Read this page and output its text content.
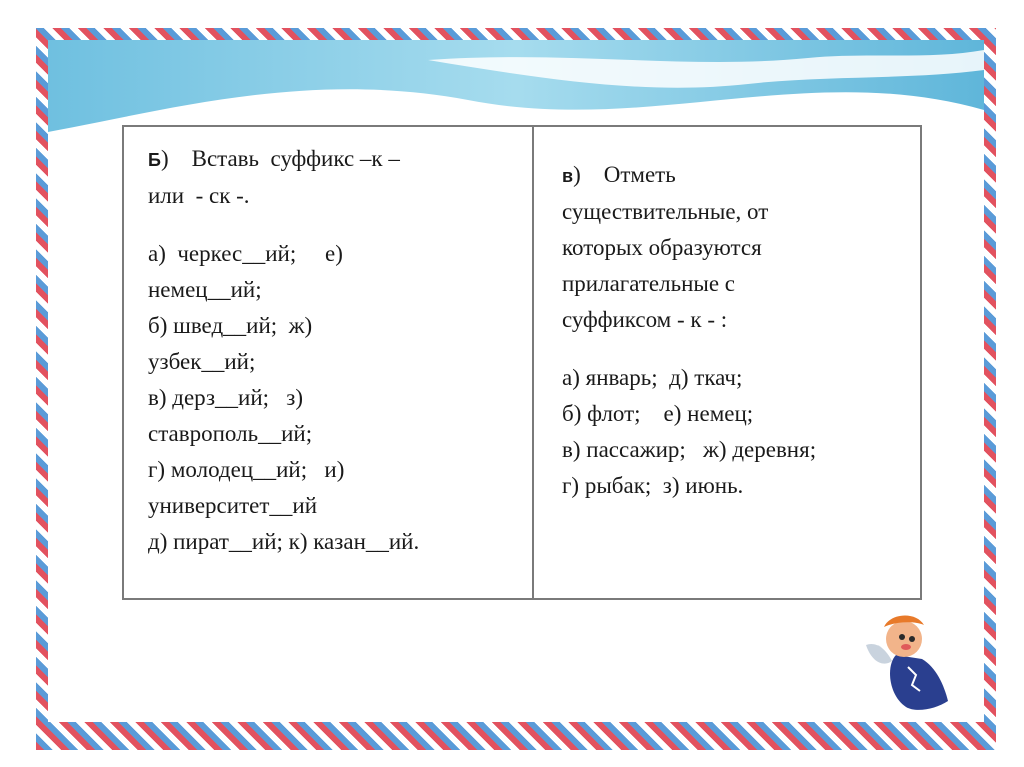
Б)    Вставь  суффикс –к –
или  - ск -.
а)  черкес__ий;     е)
немец__ий;
б) швед__ий;  ж)
узбек__ий;
в) дерз__ий;   з)
ставрополь__ий;
г) молодец__ий;   и)
университет__ий
д) пират__ий; к) казан__ий.
в)    Отметь
существительные, от
которых образуются
прилагательные с
суффиксом - к - :
а) январь;  д) ткач;
б) флот;    е) немец;
в) пассажир;   ж) деревня;
г) рыбак;  з) июнь.
